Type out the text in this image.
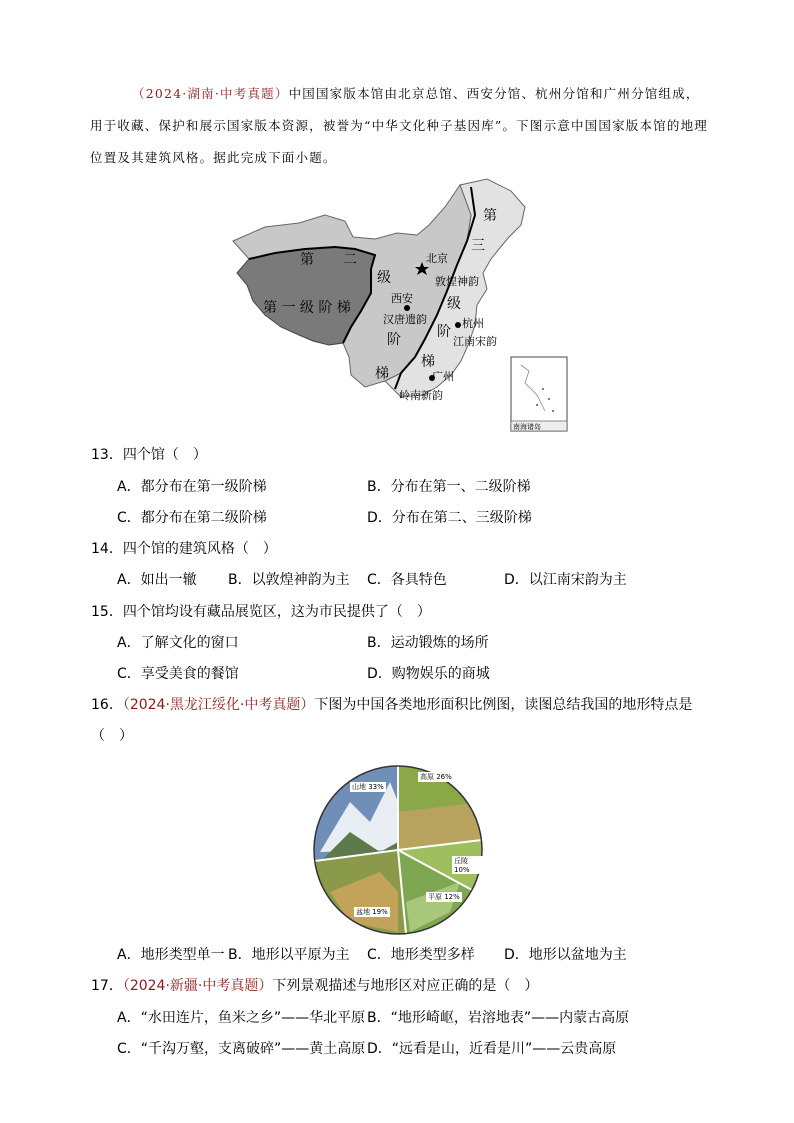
（2024·湖南·中考真题）中国国家版本馆由北京总馆、西安分馆、杭州分馆和广州分馆组成，用于收藏、保护和展示国家版本资源，被誉为“中华文化种子基因库”。下图示意中国国家版本馆的地理位置及其建筑风格。据此完成下面小题。
第 一 级 阶 梯
第 二
级
阶
梯
第
三
级
阶
梯
北京
敦煌神韵
西安
汉唐遗韵	杭州
江南宋韵
广州
岭南新韵
南海诸岛
13．四个馆（　）
A．都分布在第一级阶梯	B．分布在第一、二级阶梯
C．都分布在第二级阶梯	D．分布在第二、三级阶梯
14．四个馆的建筑风格（　）
A．如出一辙 B．以敦煌神韵为主 C．各具特色	D．以江南宋韵为主
15．四个馆均设有藏品展览区，这为市民提供了（　）
A．了解文化的窗口	B．运动锻炼的场所
C．享受美食的餐馆	D．购物娱乐的商城
16．（2024·黑龙江绥化·中考真题）下图为中国各类地形面积比例图，读图总结我国的地形特点是
（　）
山地 33%
高原 26%
丘陵 10%
平原 12%
盆地 19%
A．地形类型单一 B．地形以平原为主 C．地形类型多样 D．地形以盆地为主
17．（2024·新疆·中考真题）下列景观描述与地形区对应正确的是（　）
A．“水田连片，鱼米之乡”——华北平原 B．“地形崎岖，岩溶地表”——内蒙古高原
C．“千沟万壑，支离破碎”——黄土高原 D．“远看是山，近看是川”——云贵高原
